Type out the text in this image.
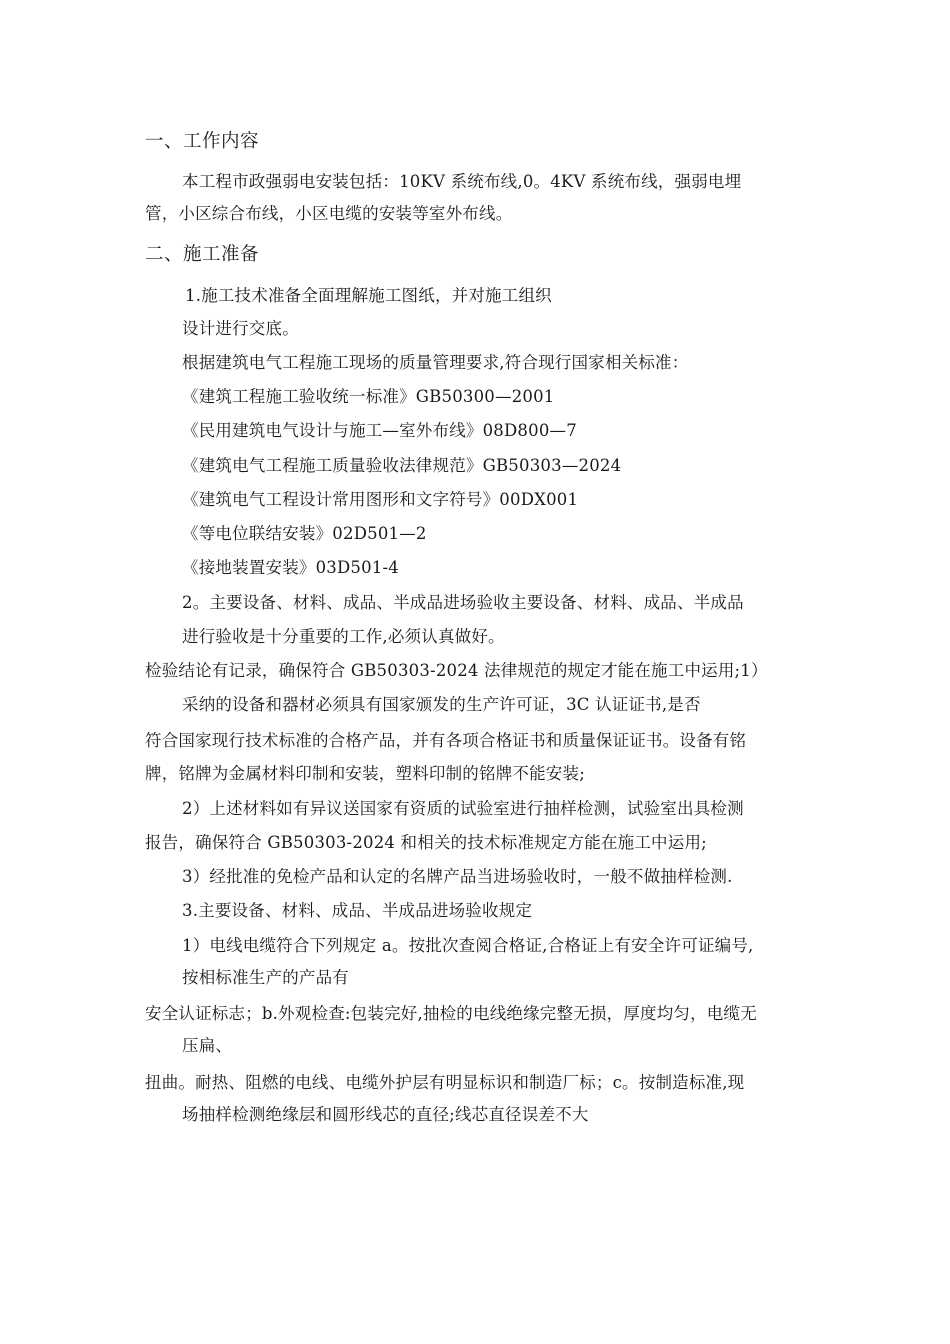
一、工作内容
本工程市政强弱电安装包括：10KV 系统布线,0。4KV 系统布线，强弱电埋
管，小区综合布线，小区电缆的安装等室外布线。
二、施工准备
1.施工技术准备全面理解施工图纸，并对施工组织
设计进行交底。
根据建筑电气工程施工现场的质量管理要求,符合现行国家相关标准：
《建筑工程施工验收统一标准》GB50300—2001
《民用建筑电气设计与施工—室外布线》08D800—7
《建筑电气工程施工质量验收法律规范》GB50303—2024
《建筑电气工程设计常用图形和文字符号》00DX001
《等电位联结安装》02D501—2
《接地装置安装》03D501-4
2。主要设备、材料、成品、半成品进场验收主要设备、材料、成品、半成品
进行验收是十分重要的工作,必须认真做好。
检验结论有记录，确保符合 GB50303-2024 法律规范的规定才能在施工中运用;1）
采纳的设备和器材必须具有国家颁发的生产许可证，3C 认证证书,是否
符合国家现行技术标准的合格产品，并有各项合格证书和质量保证证书。设备有铭
牌，铭牌为金属材料印制和安装，塑料印制的铭牌不能安装;
2）上述材料如有异议送国家有资质的试验室进行抽样检测，试验室出具检测
报告，确保符合 GB50303-2024 和相关的技术标准规定方能在施工中运用;
3）经批准的免检产品和认定的名牌产品当进场验收时，一般不做抽样检测.
3.主要设备、材料、成品、半成品进场验收规定
1）电线电缆符合下列规定 a。按批次查阅合格证,合格证上有安全许可证编号,
按相标准生产的产品有
安全认证标志；b.外观检查:包装完好,抽检的电线绝缘完整无损，厚度均匀，电缆无
压扁、
扭曲。耐热、阻燃的电线、电缆外护层有明显标识和制造厂标；c。按制造标准,现
场抽样检测绝缘层和圆形线芯的直径;线芯直径误差不大
